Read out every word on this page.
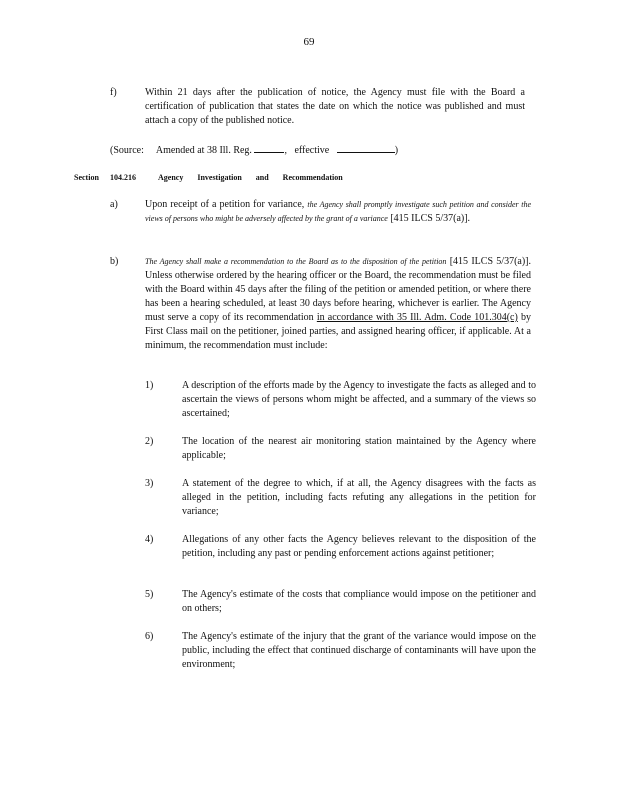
69
f)	Within 21 days after the publication of notice, the Agency must file with the Board a certification of publication that states the date on which the notice was published and must attach a copy of the published notice.
(Source: Amended at 38 Ill. Reg.	,   effective	)
Section 104.216	Agency Investigation and Recommendation
a)	Upon receipt of a petition for variance, the Agency shall promptly investigate such petition and consider the views of persons who might be adversely affected by the grant of a variance [415 ILCS 5/37(a)].
b)	The Agency shall make a recommendation to the Board as to the disposition of the petition [415 ILCS 5/37(a)]. Unless otherwise ordered by the hearing officer or the Board, the recommendation must be filed with the Board within 45 days after the filing of the petition or amended petition, or where there has been a hearing scheduled, at least 30 days before hearing, whichever is earlier. The Agency must serve a copy of its recommendation in accordance with 35 Ill. Adm. Code 101.304(c) by First Class mail on the petitioner, joined parties, and assigned hearing officer, if applicable. At a minimum, the recommendation must include:
1)	A description of the efforts made by the Agency to investigate the facts as alleged and to ascertain the views of persons whom might be affected, and a summary of the views so ascertained;
2)	The location of the nearest air monitoring station maintained by the Agency where applicable;
3)	A statement of the degree to which, if at all, the Agency disagrees with the facts as alleged in the petition, including facts refuting any allegations in the petition for variance;
4)	Allegations of any other facts the Agency believes relevant to the disposition of the petition, including any past or pending enforcement actions against petitioner;
5)	The Agency's estimate of the costs that compliance would impose on the petitioner and on others;
6)	The Agency's estimate of the injury that the grant of the variance would impose on the public, including the effect that continued discharge of contaminants will have upon the environment;
